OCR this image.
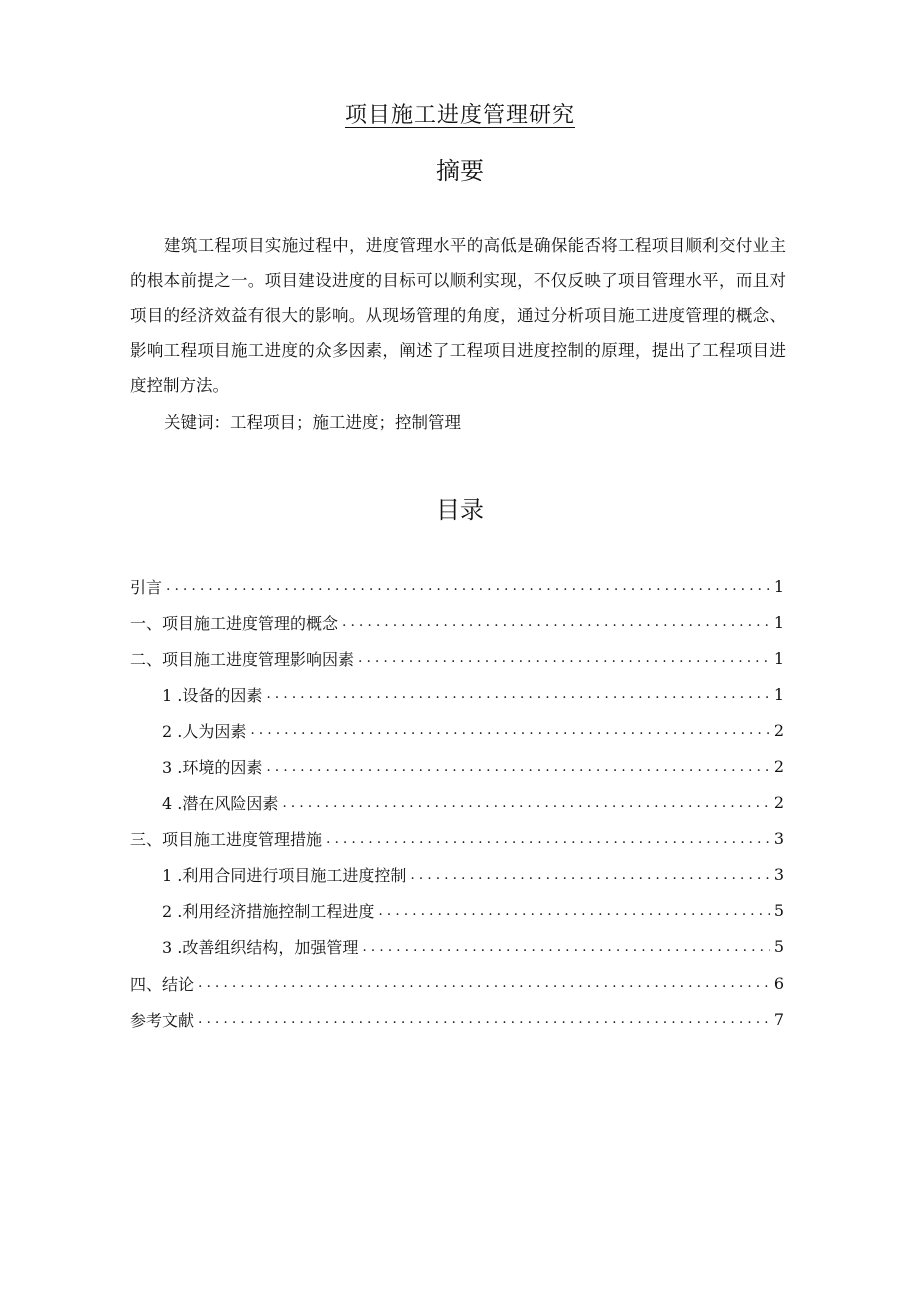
项目施工进度管理研究
摘要

建筑工程项目实施过程中，进度管理水平的高低是确保能否将工程项目顺利交付业主的根本前提之一。项目建设进度的目标可以顺利实现，不仅反映了项目管理水平，而且对项目的经济效益有很大的影响。从现场管理的角度，通过分析项目施工进度管理的概念、影响工程项目施工进度的众多因素，阐述了工程项目进度控制的原理，提出了工程项目进度控制方法。

关键词：工程项目；施工进度；控制管理
目录
引言 .....	1
一、项目施工进度管理的概念 .....	1
二、项目施工进度管理影响因素 .....	1
1 .设备的因素 .....	1
2 .人为因素 .....	2
3 .环境的因素 .....	2
4 .潜在风险因素 .....	2
三、项目施工进度管理措施 .....	3
1 .利用合同进行项目施工进度控制 .....	3
2 .利用经济措施控制工程进度 .....	5
3 .改善组织结构，加强管理 .....	5
四、结论 .....	6
参考文献 .....	7
